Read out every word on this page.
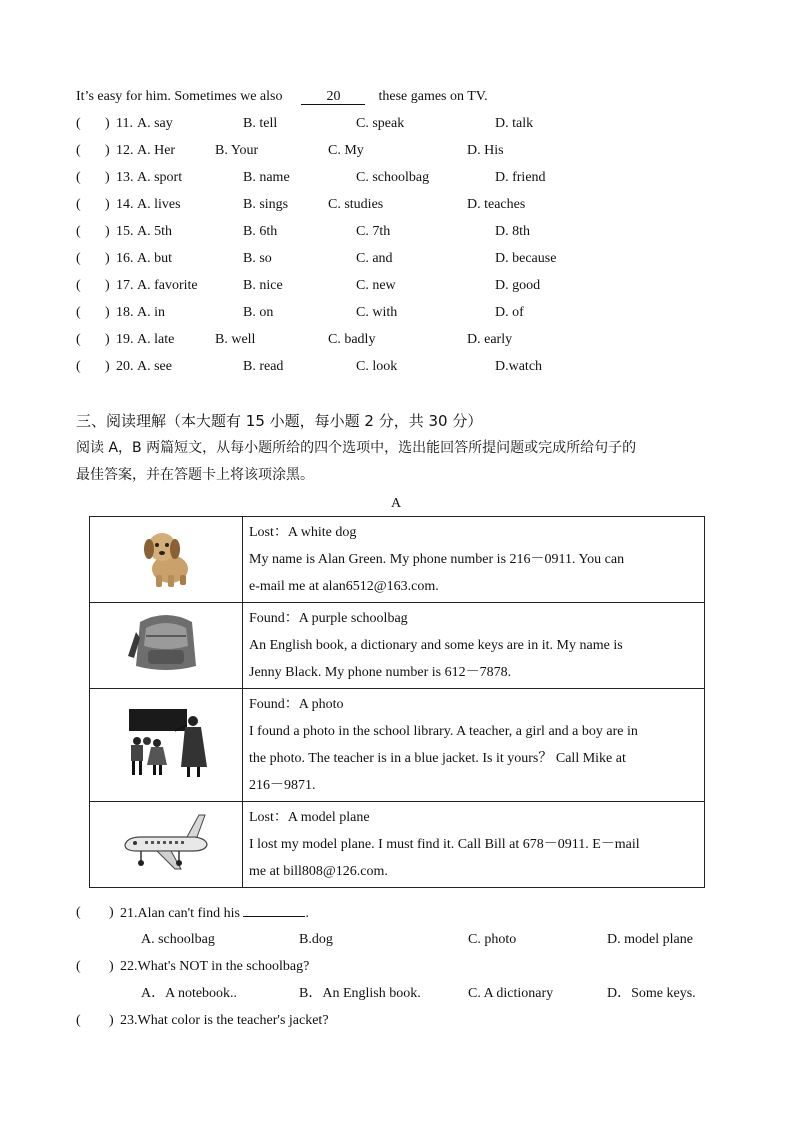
It’s easy for him. Sometimes we also	20	these games on TV.
( ) 11. A. say	B. tell	C. speak	D. talk
( ) 12. A. Her	B. Your	C. My	D. His
( ) 13. A. sport	B. name	C. schoolbag	D. friend
( ) 14. A. lives	B. sings	C. studies	D. teaches
( ) 15. A. 5th	B. 6th	C. 7th	D. 8th
( ) 16. A. but	B. so	C. and	D. because
( ) 17. A. favorite	B. nice	C. new	D. good
( ) 18. A. in	B. on	C. with	D. of
( ) 19. A. late	B. well	C. badly	D. early
( ) 20. A. see	B. read	C. look	D.watch
三、阅读理解（本大题有 15 小题，每小题 2 分，共 30 分）
阅读 A，B 两篇短文，从每小题所给的四个选项中，选出能回答所提问题或完成所给句子的
最佳答案，并在答题卡上将该项涂黑。
A

Lost：A white dog
My name is Alan Green. My phone number is 216－0911. You can
e-mail me at alan6512@163.com.

Found：A purple schoolbag
An English book, a dictionary and some keys are in it. My name is
Jenny Black. My phone number is 612－7878.

Found：A photo
I found a photo in the school library. A teacher, a girl and a boy are in
the photo. The teacher is in a blue jacket. Is it yours？ Call Mike at
216－9871.

Lost：A model plane
I lost my model plane. I must find it. Call Bill at 678－0911. E－mail
me at bill808@126.com.
( ) 21.Alan can't find his	.
A. schoolbag	B.dog	C. photo	D. model plane
( ) 22.What's NOT in the schoolbag?
A．A notebook..	B．An English book.	C. A dictionary	D．Some keys.
( ) 23.What color is the teacher's jacket?
